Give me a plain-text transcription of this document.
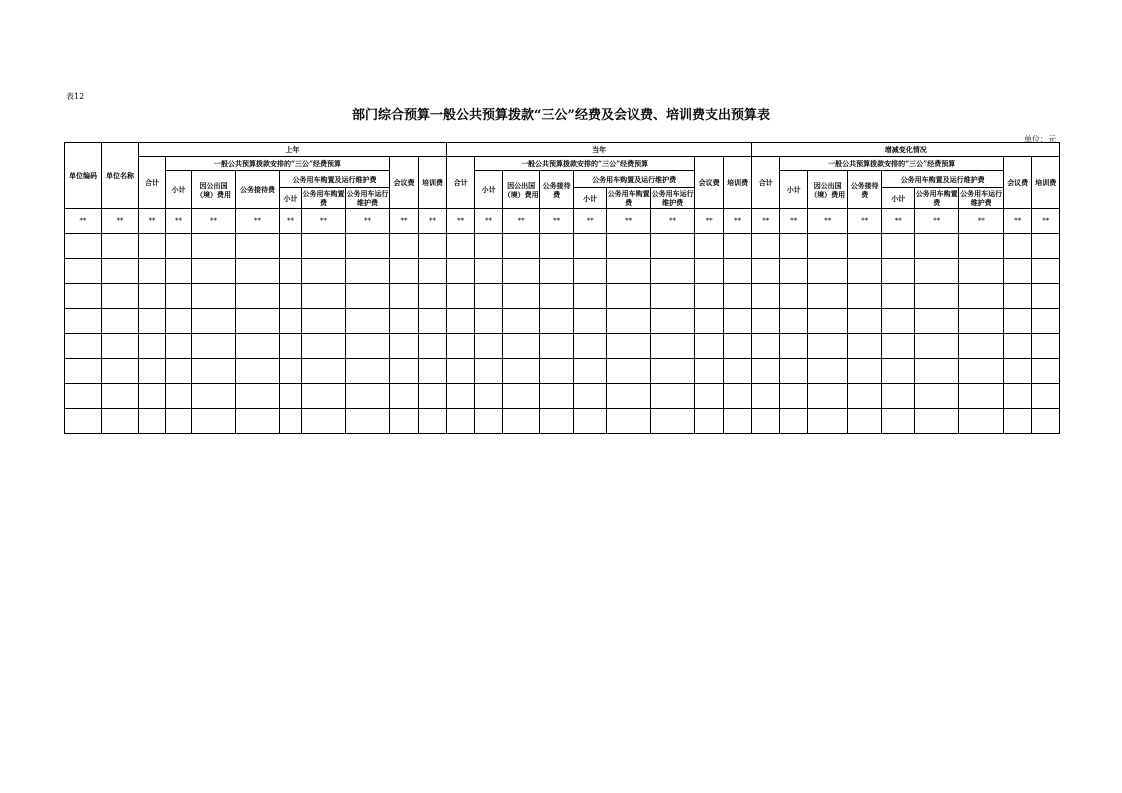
表12
部门综合预算一般公共预算拨款“三公”经费及会议费、培训费支出预算表
单位：元
单位编码	单位名称	上年									当年									增减变化情况								
		合计	一般公共预算拨款安排的“三公”经费预算						会议费	培训费	合计	一般公共预算拨款安排的“三公”经费预算						会议费	培训费	合计	一般公共预算拨款安排的“三公”经费预算						会议费	培训费
			小计	因公出国（境）费用	公务接待费	公务用车购置及运行维护费						小计	因公出国（境）费用	公务接待费	公务用车购置及运行维护费						小计	因公出国（境）费用	公务接待费	公务用车购置及运行维护费				
						小计	公务用车购置费	公务用车运行维护费							小计	公务用车购置费	公务用车运行维护费							小计	公务用车购置费	公务用车运行维护费		
**	**	**	**	**	**	**	**	**	**	**	**	**	**	**	**	**	**	**	**	**	**	**	**	**	**	**	**	**
